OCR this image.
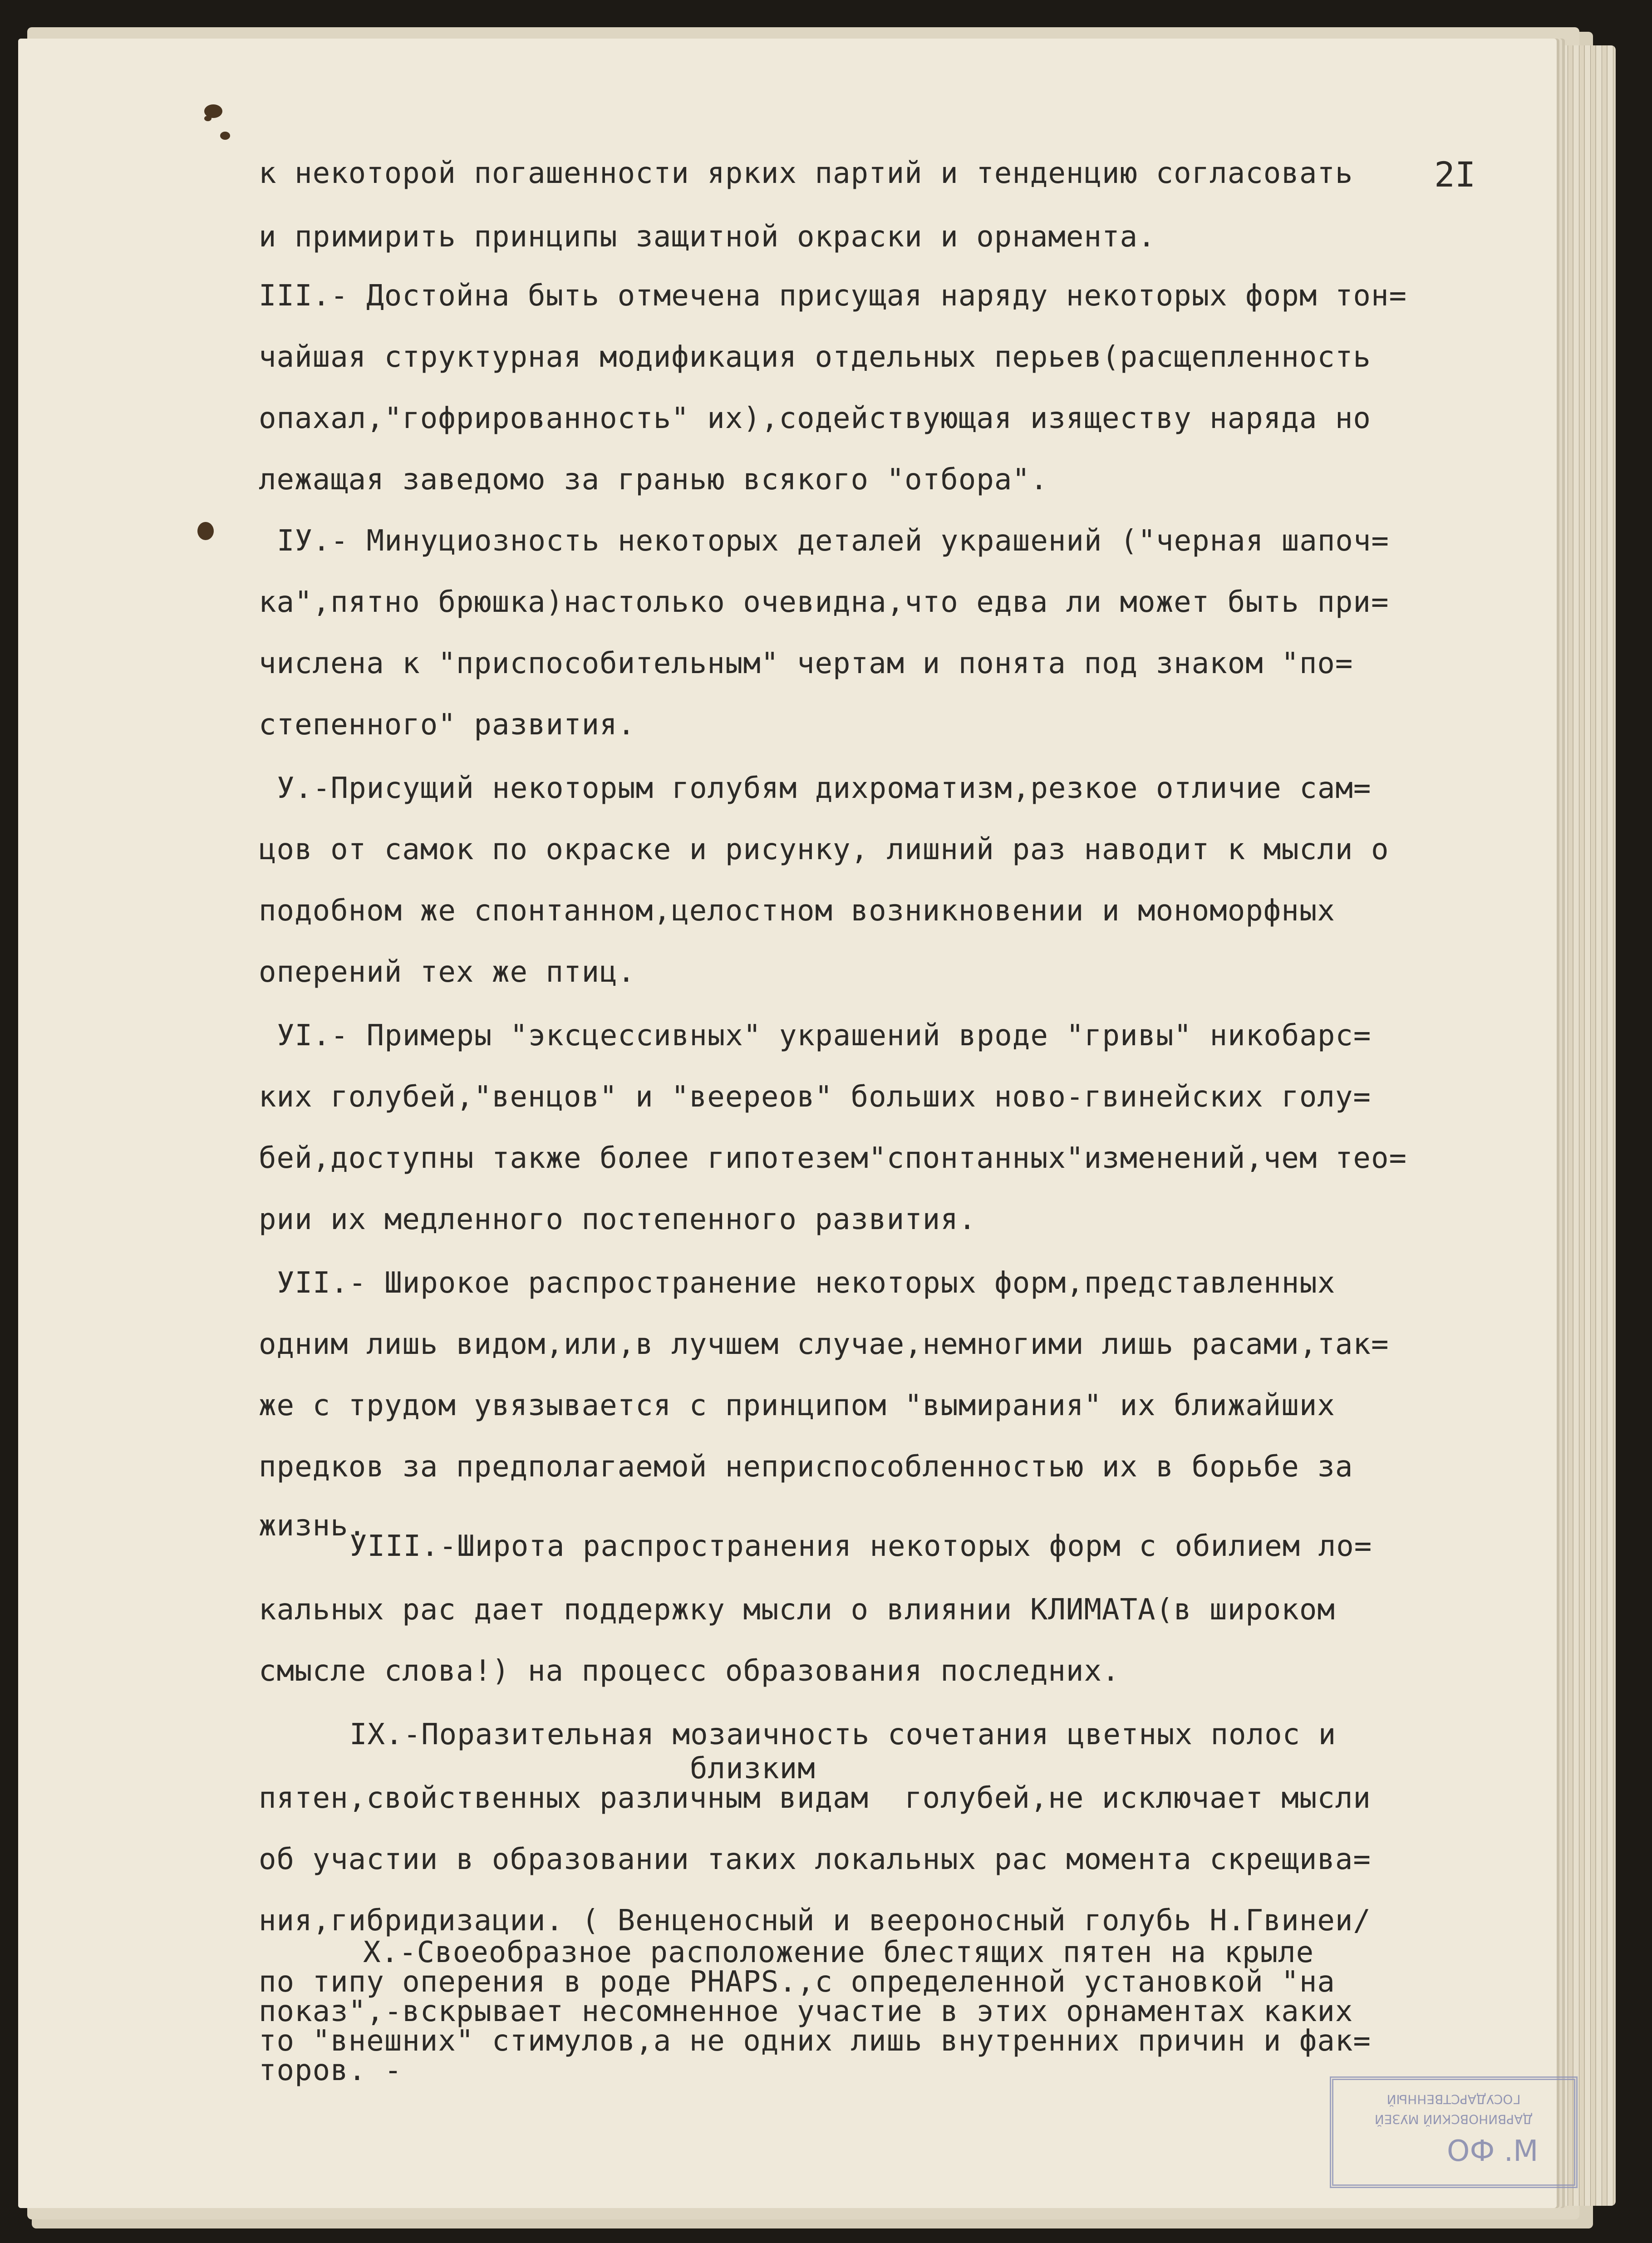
2I
к некоторой погашенности ярких партий и тенденцию согласовать
и примирить принципы защитной окраски и орнамента.
III.- Достойна быть отмечена присущая наряду некоторых форм тон=
чайшая структурная модификация отдельных перьев(расщепленность
опахал,"гофрированность" их),содействующая изяществу наряда но
лежащая заведомо за гранью всякого "отбора".
IУ.- Минуциозность некоторых деталей украшений ("черная шапоч=
ка",пятно брюшка)настолько очевидна,что едва ли может быть при=
числена к "приспособительным" чертам и понята под знаком "по=
степенного" развития.
У.-Присущий некоторым голубям дихроматизм,резкое отличие сам=
цов от самок по окраске и рисунку, лишний раз наводит к мысли о
подобном же спонтанном,целостном возникновении и мономорфных
оперений тех же птиц.
УI.- Примеры "эксцессивных" украшений вроде "гривы" никобарс=
ких голубей,"венцов" и "веереов" больших ново-гвинейских голу=
бей,доступны также более гипотезем"спонтанных"изменений,чем тео=
рии их медленного постепенного развития.
УII.- Широкое распространение некоторых форм,представленных
одним лишь видом,или,в лучшем случае,немногими лишь расами,так=
же с трудом увязывается с принципом "вымирания" их ближайших
предков за предполагаемой неприспособленностью их в борьбе за
жизнь.
УIII.-Широта распространения некоторых форм с обилием ло=
кальных рас дает поддержку мысли о влиянии КЛИМАТА(в широком
смысле слова!) на процесс образования последних.
IX.-Поразительная мозаичность сочетания цветных полос и
близким
пятен,свойственных различным видам  голубей,не исключает мысли
об участии в образовании таких локальных рас момента скрещива=
ния,гибридизации. ( Венценосный и веероносный голубь Н.Гвинеи/
Х.-Своеобразное расположение блестящих пятен на крыле
по типу оперения в роде PHAPS.,с определенной установкой "на
показ",-вскрывает несомненное участие в этих орнаментах каких
то "внешних" стимулов,а не одних лишь внутренних причин и фак=
торов. -
ГОСУДАРСТВЕННЫЙ
ДАРВИНОВСКИЙ МУЗЕЙ
М. ФО
